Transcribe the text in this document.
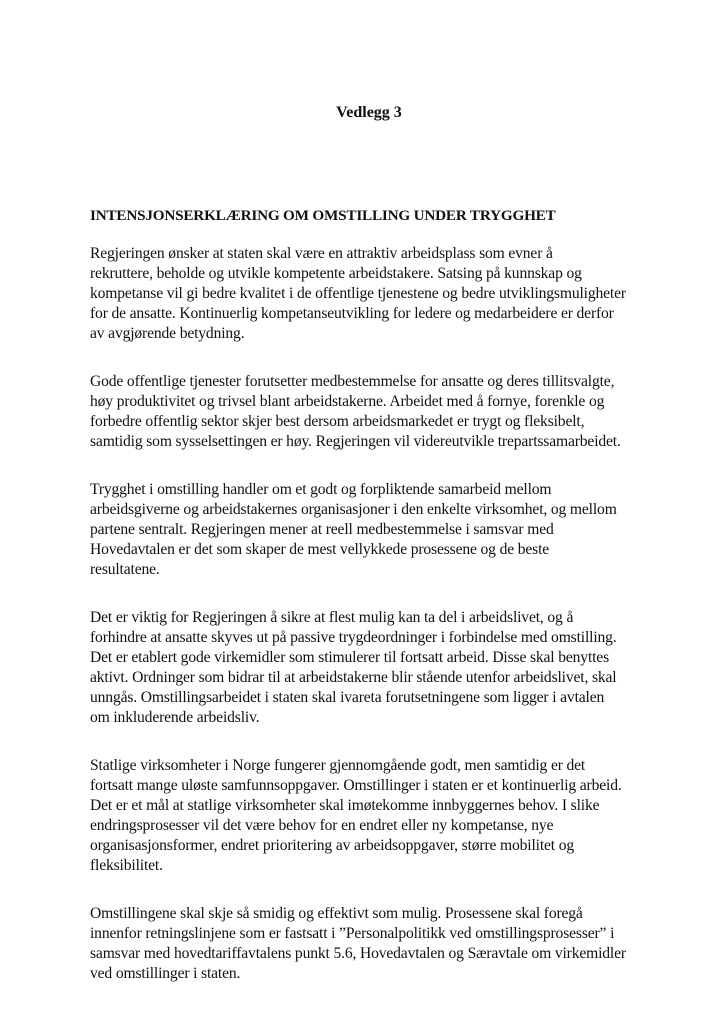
Vedlegg 3
INTENSJONSERKLÆRING OM OMSTILLING UNDER TRYGGHET

Regjeringen ønsker at staten skal være en attraktiv arbeidsplass som evner å
rekruttere, beholde og utvikle kompetente arbeidstakere. Satsing på kunnskap og
kompetanse vil gi bedre kvalitet i de offentlige tjenestene og bedre utviklingsmuligheter
for de ansatte. Kontinuerlig kompetanseutvikling for ledere og medarbeidere er derfor
av avgjørende betydning.

Gode offentlige tjenester forutsetter medbestemmelse for ansatte og deres tillitsvalgte,
høy produktivitet og trivsel blant arbeidstakerne. Arbeidet med å fornye, forenkle og
forbedre offentlig sektor skjer best dersom arbeidsmarkedet er trygt og fleksibelt,
samtidig som sysselsettingen er høy. Regjeringen vil videreutvikle trepartssamarbeidet.

Trygghet i omstilling handler om et godt og forpliktende samarbeid mellom
arbeidsgiverne og arbeidstakernes organisasjoner i den enkelte virksomhet, og mellom
partene sentralt. Regjeringen mener at reell medbestemmelse i samsvar med
Hovedavtalen er det som skaper de mest vellykkede prosessene og de beste
resultatene.

Det er viktig for Regjeringen å sikre at flest mulig kan ta del i arbeidslivet, og å
forhindre at ansatte skyves ut på passive trygdeordninger i forbindelse med omstilling.
Det er etablert gode virkemidler som stimulerer til fortsatt arbeid. Disse skal benyttes
aktivt. Ordninger som bidrar til at arbeidstakerne blir stående utenfor arbeidslivet, skal
unngås. Omstillingsarbeidet i staten skal ivareta forutsetningene som ligger i avtalen
om inkluderende arbeidsliv.

Statlige virksomheter i Norge fungerer gjennomgående godt, men samtidig er det
fortsatt mange uløste samfunnsoppgaver. Omstillinger i staten er et kontinuerlig arbeid.
Det er et mål at statlige virksomheter skal imøtekomme innbyggernes behov. I slike
endringsprosesser vil det være behov for en endret eller ny kompetanse, nye
organisasjonsformer, endret prioritering av arbeidsoppgaver, større mobilitet og
fleksibilitet.

Omstillingene skal skje så smidig og effektivt som mulig. Prosessene skal foregå
innenfor retningslinjene som er fastsatt i ”Personalpolitikk ved omstillingsprosesser” i
samsvar med hovedtariffavtalens punkt 5.6, Hovedavtalen og Særavtale om virkemidler
ved omstillinger i staten.
